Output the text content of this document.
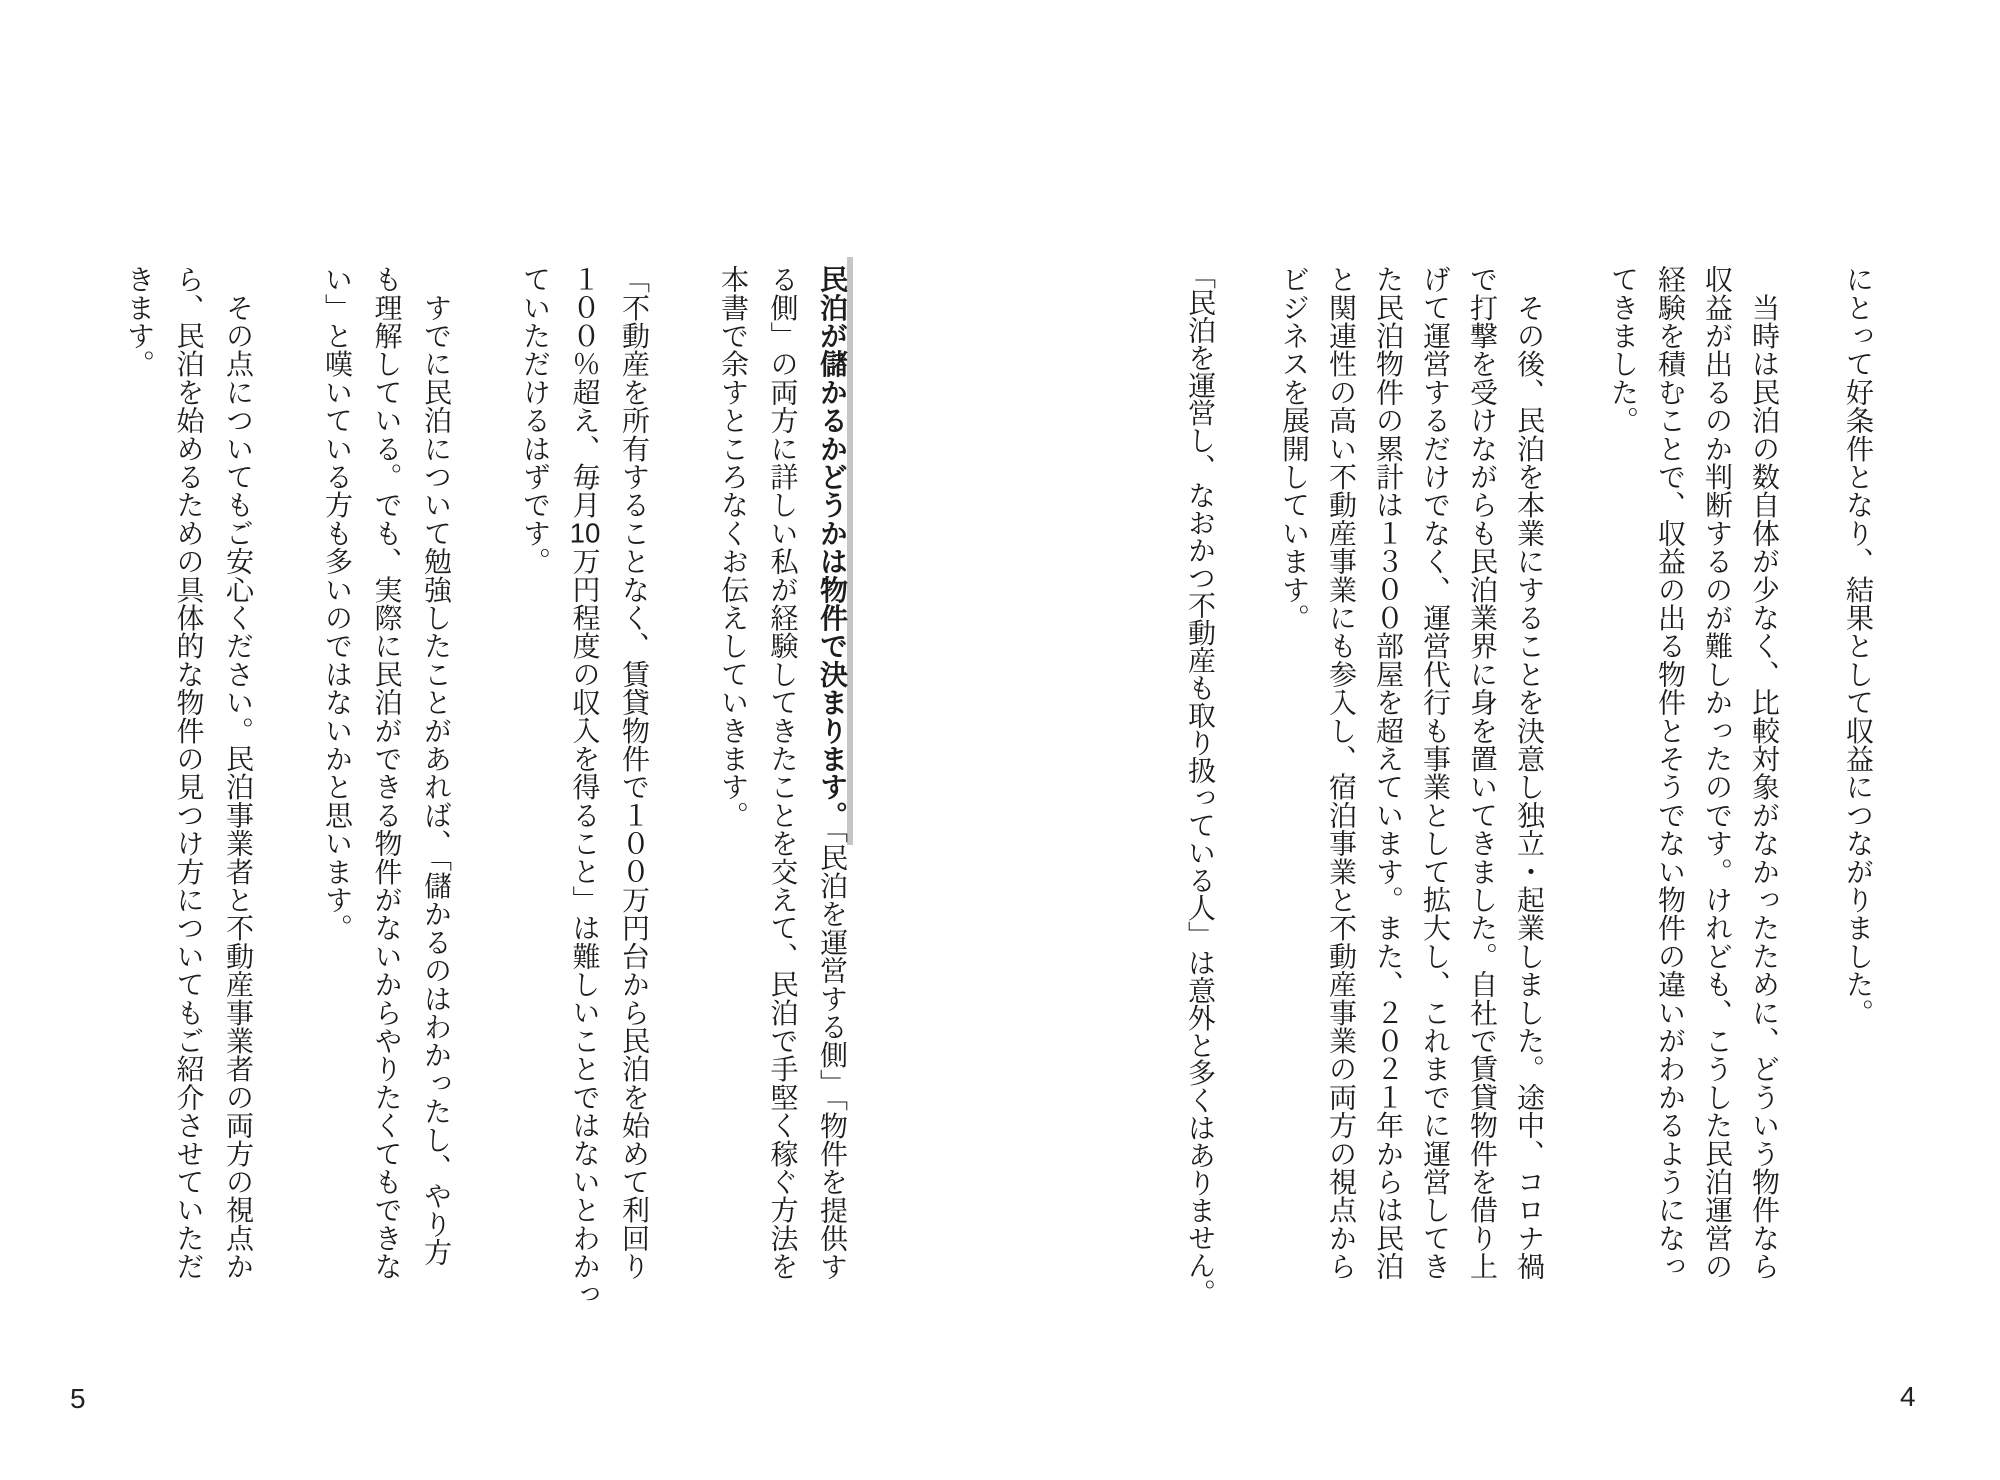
民泊が儲かるかどうかは物件で決まります。「民泊を運営する側」「物件を提供す
る側」の両方に詳しい私が経験してきたことを交えて、民泊で手堅く稼ぐ方法を
本書で余すところなくお伝えしていきます。
「不動産を所有することなく、賃貸物件で１００万円台から民泊を始めて利回り
１００％超え、毎月10万円程度の収入を得ること」は難しいことではないとわかっ
ていただけるはずです。
　すでに民泊について勉強したことがあれば、「儲かるのはわかったし、やり方
も理解している。でも、実際に民泊ができる物件がないからやりたくてもできな
い」と嘆いている方も多いのではないかと思います。
　その点についてもご安心ください。民泊事業者と不動産事業者の両方の視点か
ら、民泊を始めるための具体的な物件の見つけ方についてもご紹介させていただ
きます。
5
にとって好条件となり、結果として収益につながりました。
　当時は民泊の数自体が少なく、比較対象がなかったために、どういう物件なら
収益が出るのか判断するのが難しかったのです。けれども、こうした民泊運営の
経験を積むことで、収益の出る物件とそうでない物件の違いがわかるようになっ
てきました。
　その後、民泊を本業にすることを決意し独立・起業しました。途中、コロナ禍
で打撃を受けながらも民泊業界に身を置いてきました。自社で賃貸物件を借り上
げて運営するだけでなく、運営代行も事業として拡大し、これまでに運営してき
た民泊物件の累計は１３００部屋を超えています。また、２０２１年からは民泊
と関連性の高い不動産事業にも参入し、宿泊事業と不動産事業の両方の視点から
ビジネスを展開しています。
「民泊を運営し、なおかつ不動産も取り扱っている人」は意外と多くはありません。
4
